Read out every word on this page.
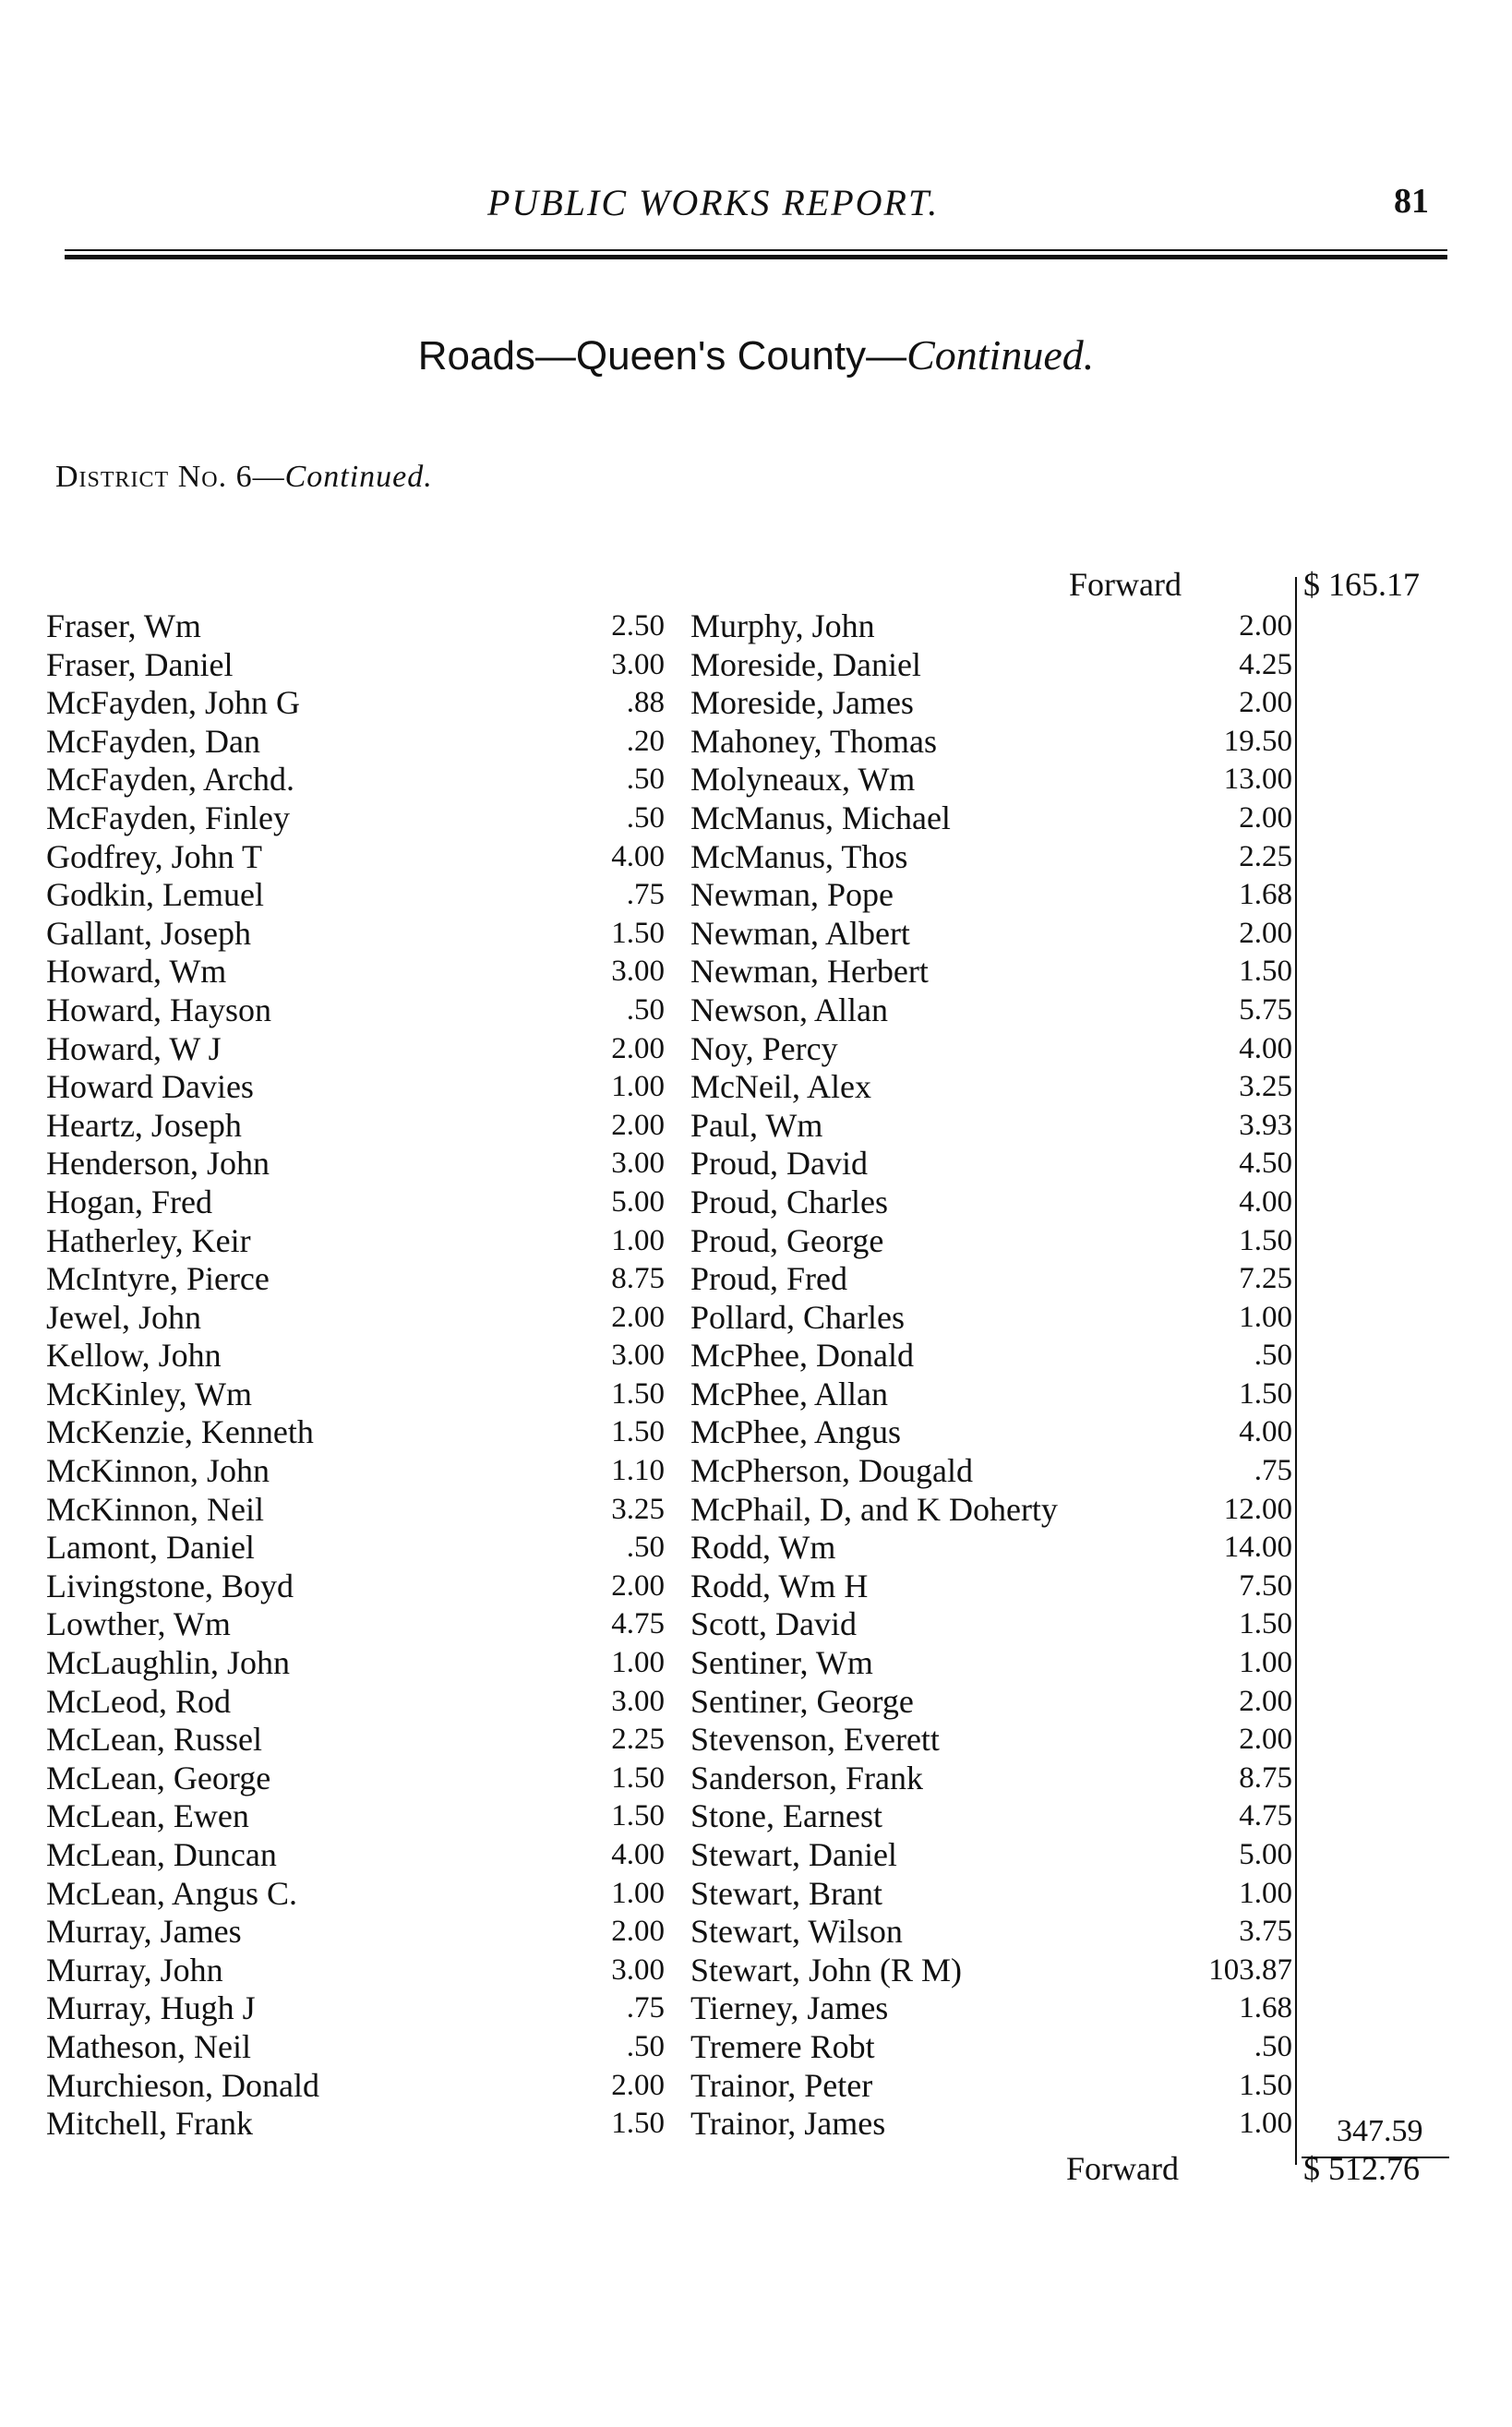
PUBLIC WORKS REPORT.	81
Roads—Queen's County—Continued.
District No. 6—Continued.
Forward	$ 165.17
Fraser, Wm	2.50
Fraser, Daniel	3.00
McFayden, John G	.88
McFayden, Dan	.20
McFayden, Archd.	.50
McFayden, Finley	.50
Godfrey, John T	4.00
Godkin, Lemuel	.75
Gallant, Joseph	1.50
Howard, Wm	3.00
Howard, Hayson	.50
Howard, W J	2.00
Howard Davies	1.00
Heartz, Joseph	2.00
Henderson, John	3.00
Hogan, Fred	5.00
Hatherley, Keir	1.00
McIntyre, Pierce	8.75
Jewel, John	2.00
Kellow, John	3.00
McKinley, Wm	1.50
McKenzie, Kenneth	1.50
McKinnon, John	1.10
McKinnon, Neil	3.25
Lamont, Daniel	.50
Livingstone, Boyd	2.00
Lowther, Wm	4.75
McLaughlin, John	1.00
McLeod, Rod	3.00
McLean, Russel	2.25
McLean, George	1.50
McLean, Ewen	1.50
McLean, Duncan	4.00
McLean, Angus C.	1.00
Murray, James	2.00
Murray, John	3.00
Murray, Hugh J	.75
Matheson, Neil	.50
Murchieson, Donald	2.00
Mitchell, Frank	1.50
Murphy, John	2.00
Moreside, Daniel	4.25
Moreside, James	2.00
Mahoney, Thomas	19.50
Molyneaux, Wm	13.00
McManus, Michael	2.00
McManus, Thos	2.25
Newman, Pope	1.68
Newman, Albert	2.00
Newman, Herbert	1.50
Newson, Allan	5.75
Noy, Percy	4.00
McNeil, Alex	3.25
Paul, Wm	3.93
Proud, David	4.50
Proud, Charles	4.00
Proud, George	1.50
Proud, Fred	7.25
Pollard, Charles	1.00
McPhee, Donald	.50
McPhee, Allan	1.50
McPhee, Angus	4.00
McPherson, Dougald	.75
McPhail, D, and K Doherty	12.00
Rodd, Wm	14.00
Rodd, Wm H	7.50
Scott, David	1.50
Sentiner, Wm	1.00
Sentiner, George	2.00
Stevenson, Everett	2.00
Sanderson, Frank	8.75
Stone, Earnest	4.75
Stewart, Daniel	5.00
Stewart, Brant	1.00
Stewart, Wilson	3.75
Stewart, John (R M)	103.87
Tierney, James	1.68
Tremere Robt	.50
Trainor, Peter	1.50
Trainor, James	1.00 347.59
Forward	$ 512.76
